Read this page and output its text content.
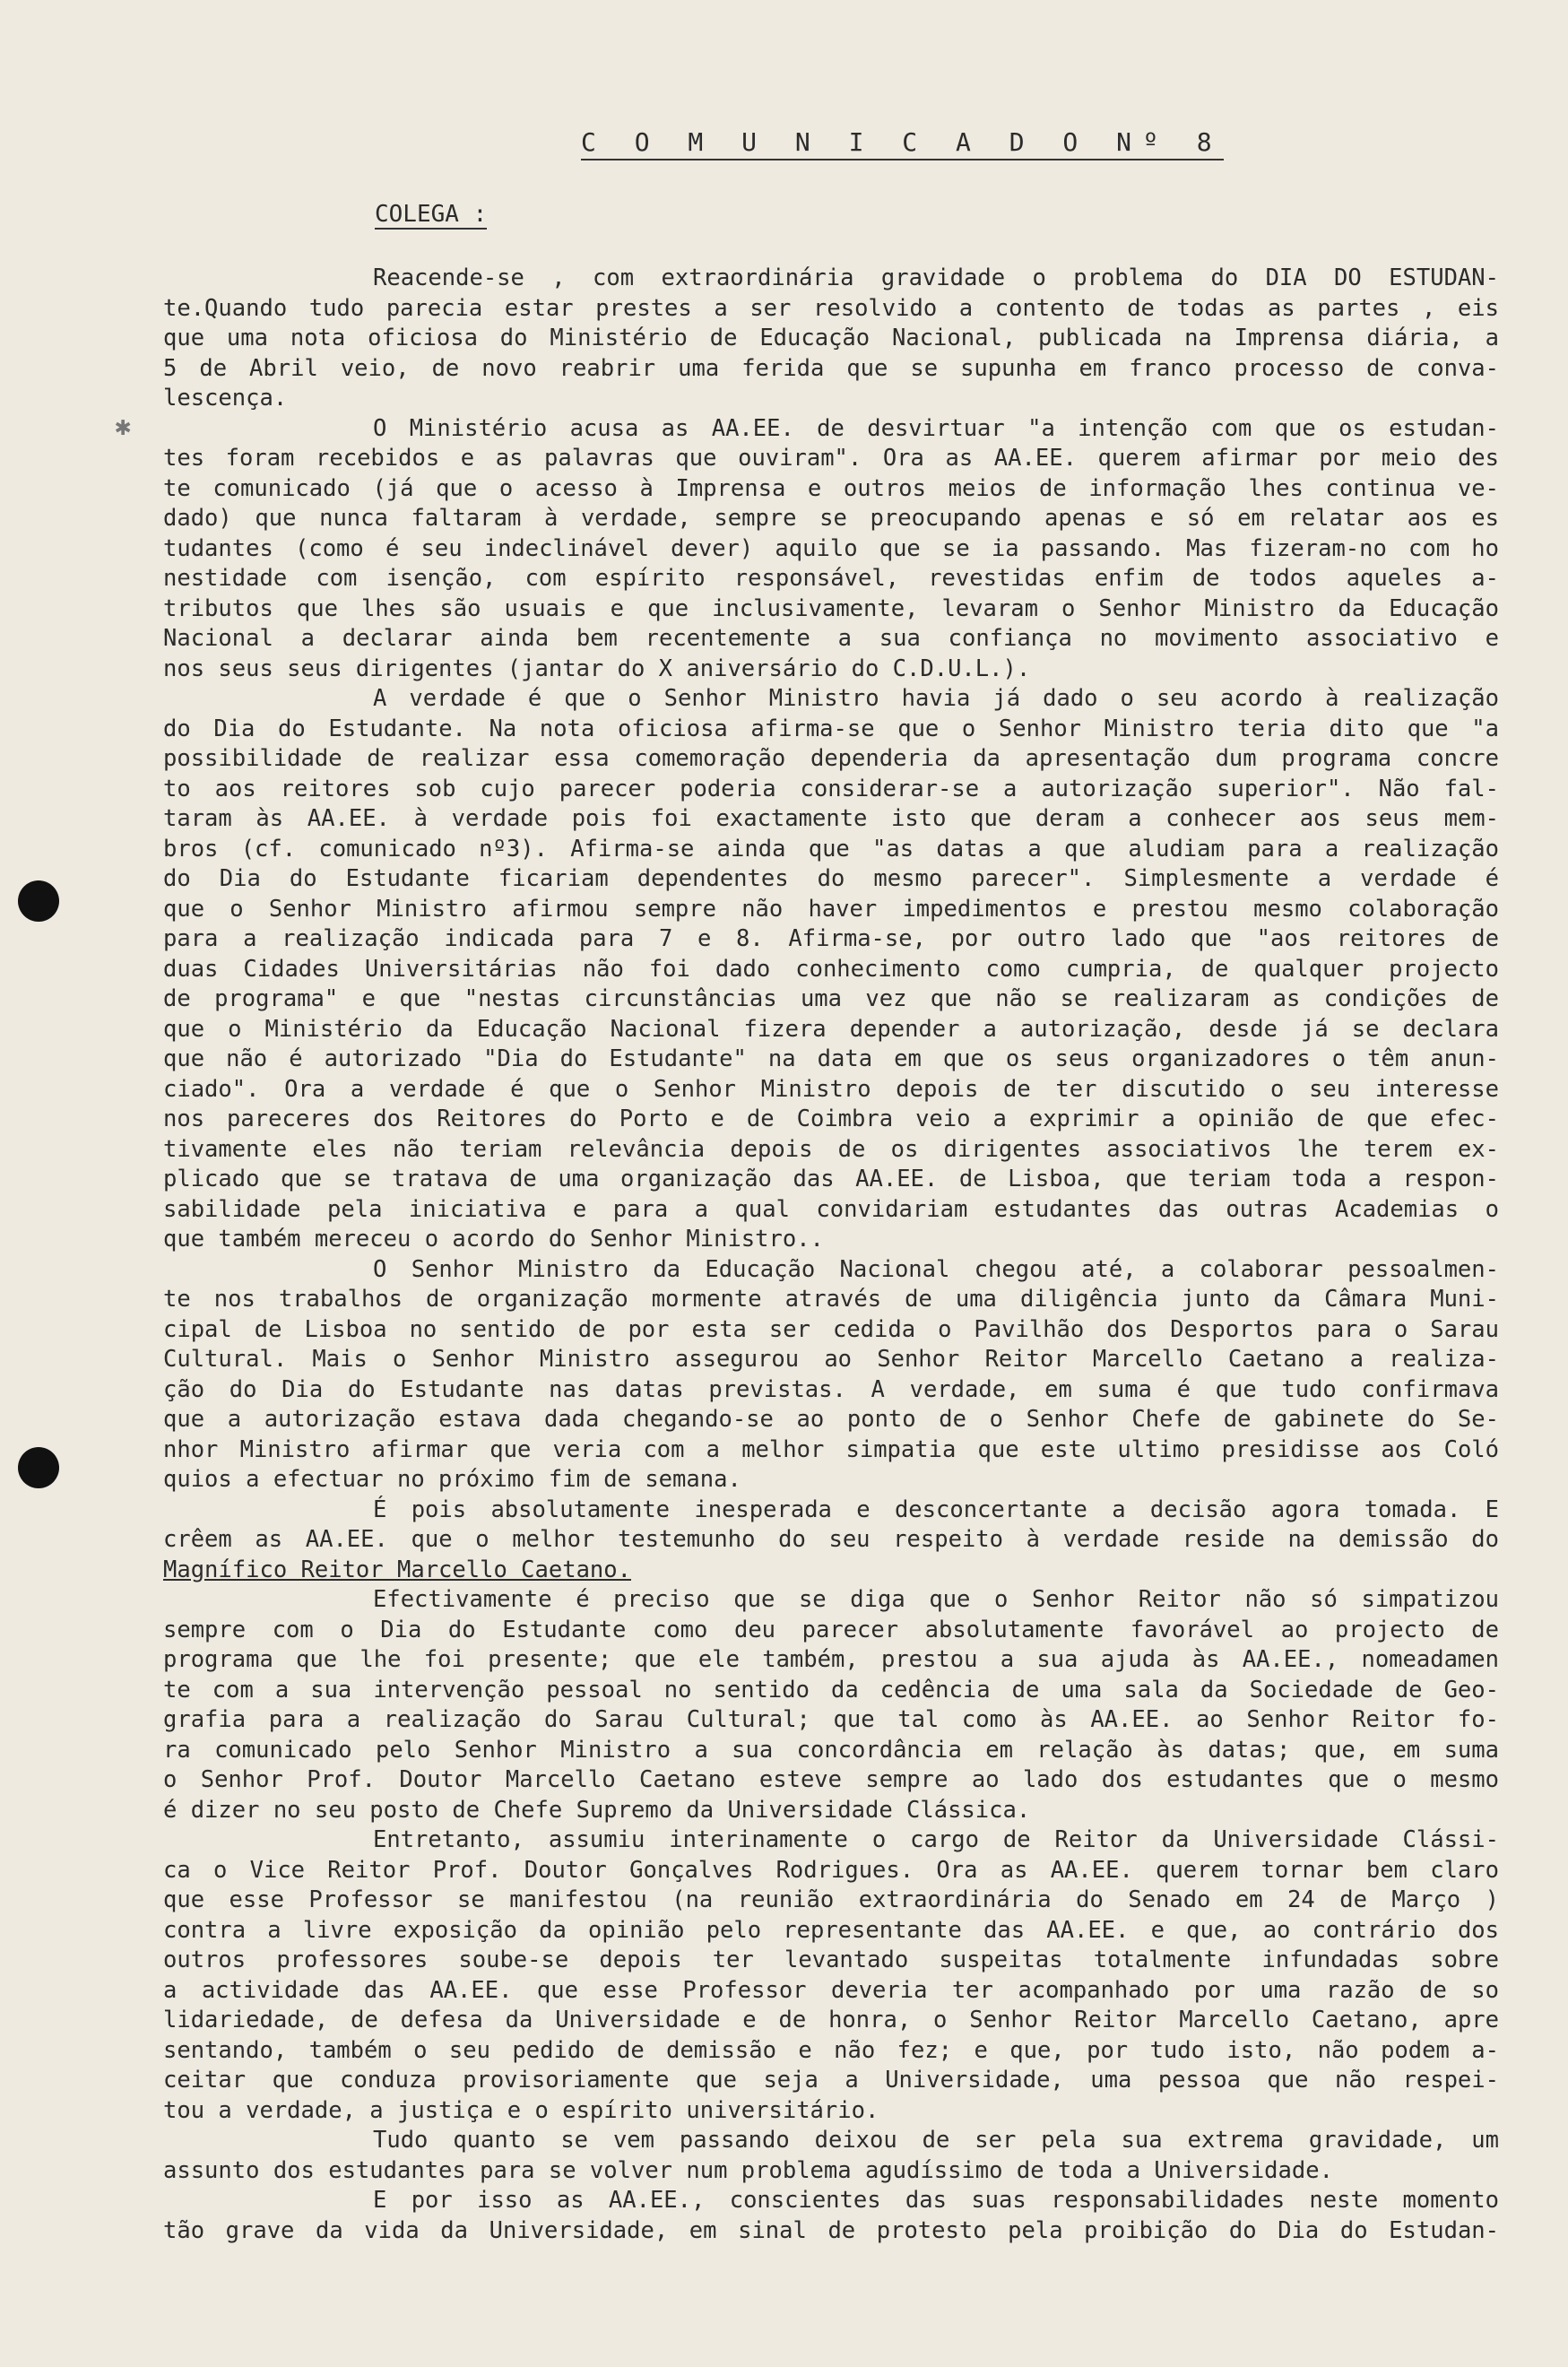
C O M U N I C A D O Nº 8
COLEGA :
Reacende-se , com extraordinária gravidade o problema do DIA DO ESTUDAN-
te.Quando tudo parecia estar prestes a ser resolvido a contento de todas as partes , eis
que uma nota oficiosa do Ministério de Educação Nacional, publicada na Imprensa diária, a
5 de Abril veio, de novo reabrir uma ferida que se supunha em franco processo de conva-
lescença.
O Ministério acusa as AA.EE. de desvirtuar "a intenção com que os estudan-
tes foram recebidos e as palavras que ouviram". Ora as AA.EE. querem afirmar por meio des
te comunicado (já que o acesso à Imprensa e outros meios de informação lhes continua ve-
dado) que nunca faltaram à verdade, sempre se preocupando apenas e só em relatar aos es
tudantes (como é seu indeclinável dever) aquilo que se ia passando. Mas fizeram-no com ho
nestidade com isenção, com espírito responsável, revestidas enfim de todos aqueles a-
tributos que lhes são usuais e que inclusivamente, levaram o Senhor Ministro da Educação
Nacional a declarar ainda bem recentemente a sua confiança no movimento associativo e
nos seus seus dirigentes (jantar do X aniversário do C.D.U.L.).
A verdade é que o Senhor Ministro havia já dado o seu acordo à realização
do Dia do Estudante. Na nota oficiosa afirma-se que o Senhor Ministro teria dito que "a
possibilidade de realizar essa comemoração dependeria da apresentação dum programa concre
to aos reitores sob cujo parecer poderia considerar-se a autorização superior". Não fal-
taram às AA.EE. à verdade pois foi exactamente isto que deram a conhecer aos seus mem-
bros (cf. comunicado nº3). Afirma-se ainda que "as datas a que aludiam para a realização
do Dia do Estudante ficariam dependentes do mesmo parecer". Simplesmente a verdade é
que o Senhor Ministro afirmou sempre não haver impedimentos e prestou mesmo colaboração
para a realização indicada para 7 e 8. Afirma-se, por outro lado que "aos reitores de
duas Cidades Universitárias não foi dado conhecimento como cumpria, de qualquer projecto
de programa" e que "nestas circunstâncias uma vez que não se realizaram as condições de
que o Ministério da Educação Nacional fizera depender a autorização, desde já se declara
que não é autorizado "Dia do Estudante" na data em que os seus organizadores o têm anun-
ciado". Ora a verdade é que o Senhor Ministro depois de ter discutido o seu interesse
nos pareceres dos Reitores do Porto e de Coimbra veio a exprimir a opinião de que efec-
tivamente eles não teriam relevância depois de os dirigentes associativos lhe terem ex-
plicado que se tratava de uma organização das AA.EE. de Lisboa, que teriam toda a respon-
sabilidade pela iniciativa e para a qual convidariam estudantes das outras Academias o
que também mereceu o acordo do Senhor Ministro..
O Senhor Ministro da Educação Nacional chegou até, a colaborar pessoalmen-
te nos trabalhos de organização mormente através de uma diligência junto da Câmara Muni-
cipal de Lisboa no sentido de por esta ser cedida o Pavilhão dos Desportos para o Sarau
Cultural. Mais o Senhor Ministro assegurou ao Senhor Reitor Marcello Caetano a realiza-
ção do Dia do Estudante nas datas previstas. A verdade, em suma é que tudo confirmava
que a autorização estava dada chegando-se ao ponto de o Senhor Chefe de gabinete do Se-
nhor Ministro afirmar que veria com a melhor simpatia que este ultimo presidisse aos Coló
quios a efectuar no próximo fim de semana.
É pois absolutamente inesperada e desconcertante a decisão agora tomada. E
crêem as AA.EE. que o melhor testemunho do seu respeito à verdade reside na demissão do
Magnífico Reitor Marcello Caetano.
Efectivamente é preciso que se diga que o Senhor Reitor não só simpatizou
sempre com o Dia do Estudante como deu parecer absolutamente favorável ao projecto de
programa que lhe foi presente; que ele também, prestou a sua ajuda às AA.EE., nomeadamen
te com a sua intervenção pessoal no sentido da cedência de uma sala da Sociedade de Geo-
grafia para a realização do Sarau Cultural; que tal como às AA.EE. ao Senhor Reitor fo-
ra comunicado pelo Senhor Ministro a sua concordância em relação às datas; que, em suma
o Senhor Prof. Doutor Marcello Caetano esteve sempre ao lado dos estudantes que o mesmo
é dizer no seu posto de Chefe Supremo da Universidade Clássica.
Entretanto, assumiu interinamente o cargo de Reitor da Universidade Clássi-
ca o Vice Reitor Prof. Doutor Gonçalves Rodrigues. Ora as AA.EE. querem tornar bem claro
que esse Professor se manifestou (na reunião extraordinária do Senado em 24 de Março )
contra a livre exposição da opinião pelo representante das AA.EE. e que, ao contrário dos
outros professores soube-se depois ter levantado suspeitas totalmente infundadas sobre
a actividade das AA.EE. que esse Professor deveria ter acompanhado por uma razão de so
lidariedade, de defesa da Universidade e de honra, o Senhor Reitor Marcello Caetano, apre
sentando, também o seu pedido de demissão e não fez; e que, por tudo isto, não podem a-
ceitar que conduza provisoriamente que seja a Universidade, uma pessoa que não respei-
tou a verdade, a justiça e o espírito universitário.
Tudo quanto se vem passando deixou de ser pela sua extrema gravidade, um
assunto dos estudantes para se volver num problema agudíssimo de toda a Universidade.
E por isso as AA.EE., conscientes das suas responsabilidades neste momento
tão grave da vida da Universidade, em sinal de protesto pela proibição do Dia do Estudan-
✱
